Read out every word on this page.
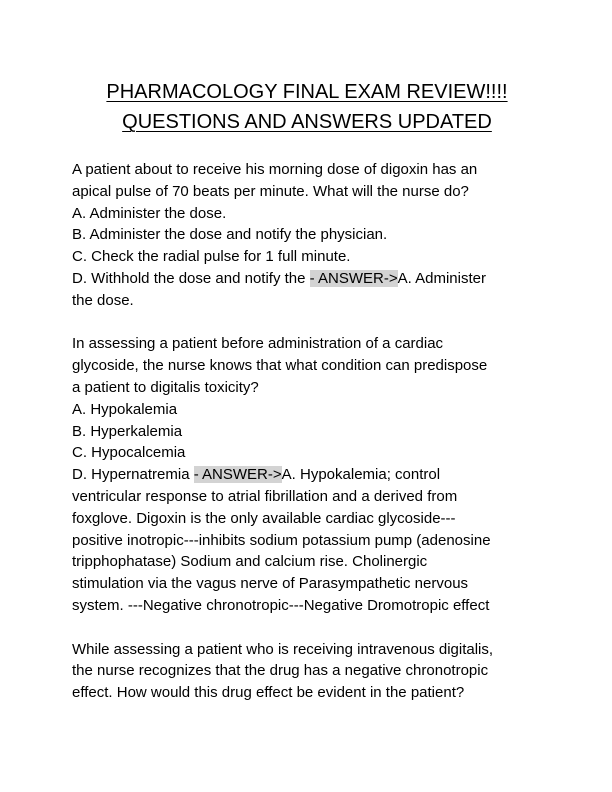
PHARMACOLOGY FINAL EXAM REVIEW!!!!
QUESTIONS AND ANSWERS UPDATED
A patient about to receive his morning dose of digoxin has an
apical pulse of 70 beats per minute. What will the nurse do?
A. Administer the dose.
B. Administer the dose and notify the physician.
C. Check the radial pulse for 1 full minute.
D. Withhold the dose and notify the - ANSWER->A. Administer
the dose.
In assessing a patient before administration of a cardiac
glycoside, the nurse knows that what condition can predispose
a patient to digitalis toxicity?
A. Hypokalemia
B. Hyperkalemia
C. Hypocalcemia
D. Hypernatremia - ANSWER->A. Hypokalemia; control
ventricular response to atrial fibrillation and a derived from
foxglove. Digoxin is the only available cardiac glycoside---
positive inotropic---inhibits sodium potassium pump (adenosine
tripphophatase) Sodium and calcium rise. Cholinergic
stimulation via the vagus nerve of Parasympathetic nervous
system. ---Negative chronotropic---Negative Dromotropic effect
While assessing a patient who is receiving intravenous digitalis,
the nurse recognizes that the drug has a negative chronotropic
effect. How would this drug effect be evident in the patient?
